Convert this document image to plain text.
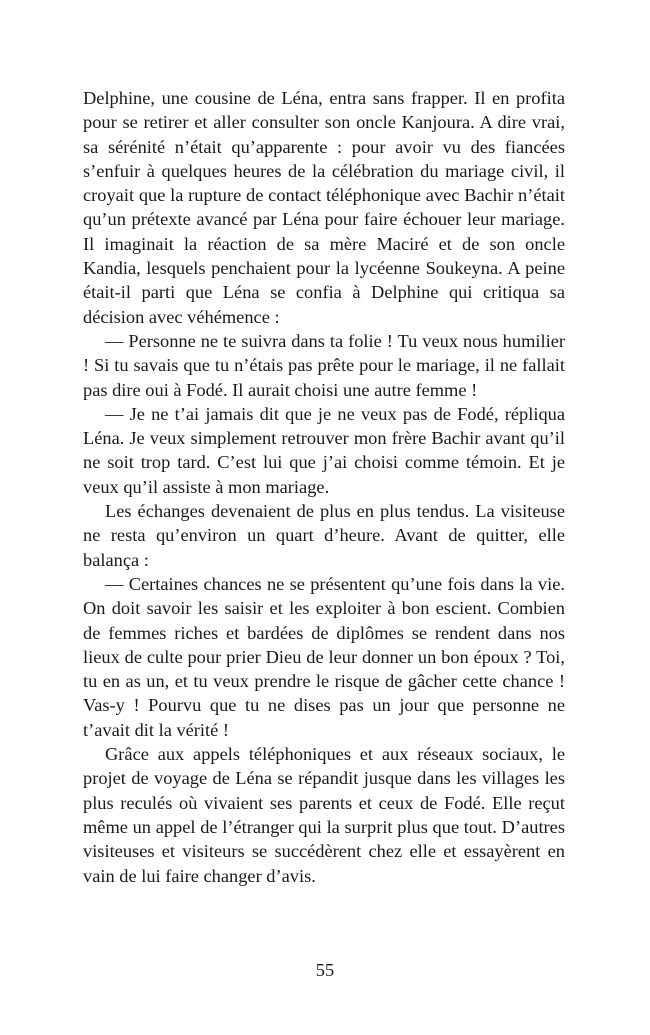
Delphine, une cousine de Léna, entra sans frapper. Il en profita pour se retirer et aller consulter son oncle Kanjoura. A dire vrai, sa sérénité n’était qu’apparente : pour avoir vu des fiancées s’enfuir à quelques heures de la célébration du mariage civil, il croyait que la rupture de contact téléphonique avec Bachir n’était qu’un prétexte avancé par Léna pour faire échouer leur mariage. Il imaginait la réaction de sa mère Maciré et de son oncle Kandia, lesquels penchaient pour la lycéenne Soukeyna. A peine était-il parti que Léna se confia à Delphine qui critiqua sa décision avec véhémence :

— Personne ne te suivra dans ta folie ! Tu veux nous humilier ! Si tu savais que tu n’étais pas prête pour le mariage, il ne fallait pas dire oui à Fodé. Il aurait choisi une autre femme !

— Je ne t’ai jamais dit que je ne veux pas de Fodé, répliqua Léna. Je veux simplement retrouver mon frère Bachir avant qu’il ne soit trop tard. C’est lui que j’ai choisi comme témoin. Et je veux qu’il assiste à mon mariage.

Les échanges devenaient de plus en plus tendus. La visiteuse ne resta qu’environ un quart d’heure. Avant de quitter, elle balança :

— Certaines chances ne se présentent qu’une fois dans la vie. On doit savoir les saisir et les exploiter à bon escient. Combien de femmes riches et bardées de diplômes se rendent dans nos lieux de culte pour prier Dieu de leur donner un bon époux ? Toi, tu en as un, et tu veux prendre le risque de gâcher cette chance ! Vas-y ! Pourvu que tu ne dises pas un jour que personne ne t’avait dit la vérité !

Grâce aux appels téléphoniques et aux réseaux sociaux, le projet de voyage de Léna se répandit jusque dans les villages les plus reculés où vivaient ses parents et ceux de Fodé. Elle reçut même un appel de l’étranger qui la surprit plus que tout. D’autres visiteuses et visiteurs se succédèrent chez elle et essayèrent en vain de lui faire changer d’avis.

55
